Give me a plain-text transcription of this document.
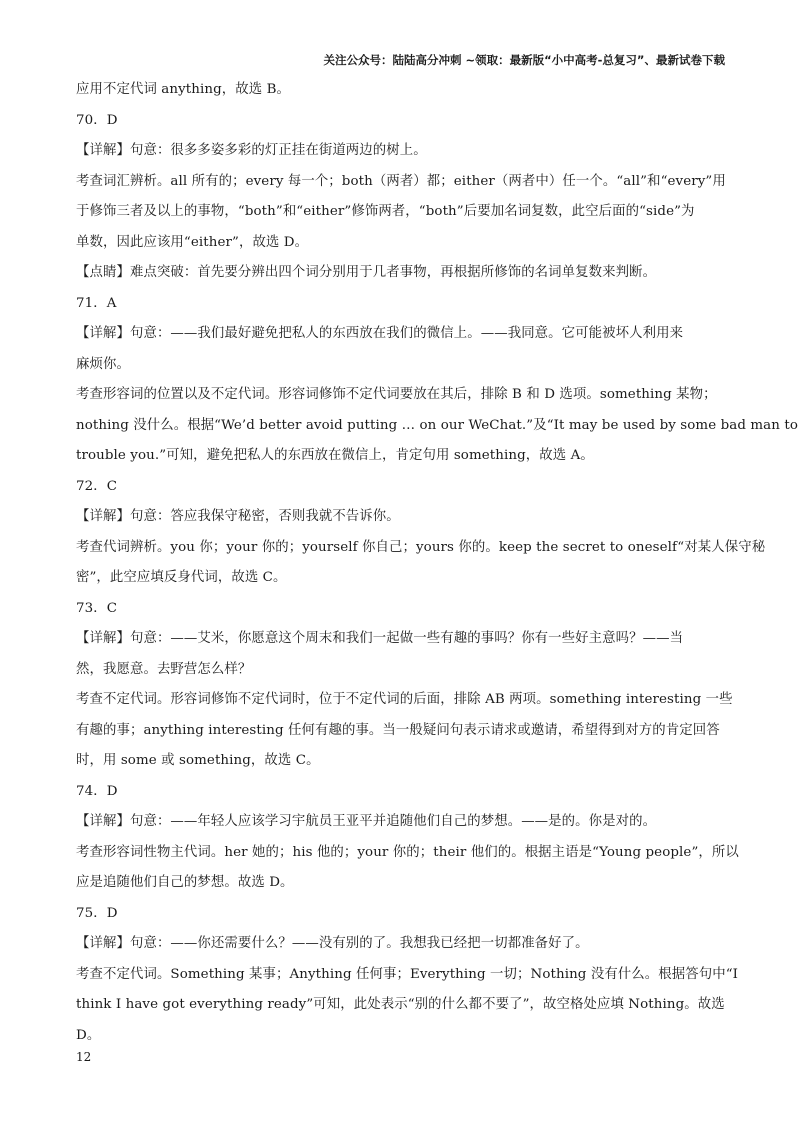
关注公众号：陆陆高分冲刺 ~领取：最新版“小中高考-总复习”、最新试卷下载
应用不定代词 anything，故选 B。
70．D
【详解】句意：很多多姿多彩的灯正挂在街道两边的树上。
考查词汇辨析。all 所有的；every 每一个；both（两者）都；either（两者中）任一个。“all”和“every”用
于修饰三者及以上的事物，“both”和“either”修饰两者，“both”后要加名词复数，此空后面的“side”为
单数，因此应该用“either”，故选 D。
【点睛】难点突破：首先要分辨出四个词分别用于几者事物，再根据所修饰的名词单复数来判断。
71．A
【详解】句意：——我们最好避免把私人的东西放在我们的微信上。——我同意。它可能被坏人利用来
麻烦你。
考查形容词的位置以及不定代词。形容词修饰不定代词要放在其后，排除 B 和 D 选项。something 某物；
nothing 没什么。根据“We’d better avoid putting … on our WeChat.”及“It may be used by some bad man to
trouble you.”可知，避免把私人的东西放在微信上，肯定句用 something，故选 A。
72．C
【详解】句意：答应我保守秘密，否则我就不告诉你。
考查代词辨析。you 你；your 你的；yourself 你自己；yours 你的。keep the secret to oneself“对某人保守秘
密”，此空应填反身代词，故选 C。
73．C
【详解】句意：——艾米，你愿意这个周末和我们一起做一些有趣的事吗？你有一些好主意吗？——当
然，我愿意。去野营怎么样？
考查不定代词。形容词修饰不定代词时，位于不定代词的后面，排除 AB 两项。something interesting 一些
有趣的事；anything interesting 任何有趣的事。当一般疑问句表示请求或邀请，希望得到对方的肯定回答
时，用 some 或 something，故选 C。
74．D
【详解】句意：——年轻人应该学习宇航员王亚平并追随他们自己的梦想。——是的。你是对的。
考查形容词性物主代词。her 她的；his 他的；your 你的；their 他们的。根据主语是“Young people”，所以
应是追随他们自己的梦想。故选 D。
75．D
【详解】句意：——你还需要什么？——没有别的了。我想我已经把一切都准备好了。
考查不定代词。Something 某事；Anything 任何事；Everything 一切；Nothing 没有什么。根据答句中“I
think I have got everything ready”可知，此处表示“别的什么都不要了”，故空格处应填 Nothing。故选
D。
12
